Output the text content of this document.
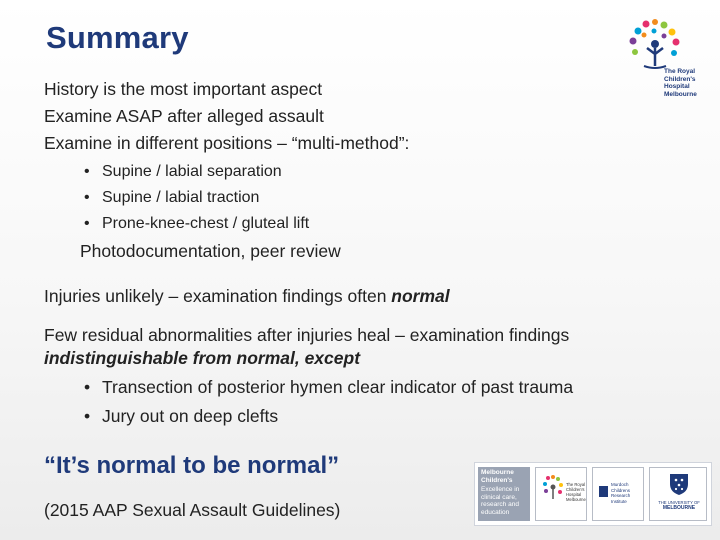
Summary
The Royal
Children's
Hospital
Melbourne
History is the most important aspect
Examine ASAP after alleged assault
Examine in different positions – “multi-method”:
• Supine / labial separation
• Supine / labial traction
• Prone-knee-chest / gluteal lift
Photodocumentation, peer review
Injuries unlikely – examination findings often normal
Few residual abnormalities after injuries heal – examination findings
indistinguishable from normal, except
• Transection of posterior hymen clear indicator of past trauma
• Jury out on deep clefts
“It’s normal to be normal”
(2015 AAP Sexual Assault Guidelines)
Melbourne
Children's
Excellence in
clinical care,
research and
education
The Royal
Children's
Hospital
Melbourne
Murdoch
Childrens
Research
Institute	THE UNIVERSITY OF
MELBOURNE
